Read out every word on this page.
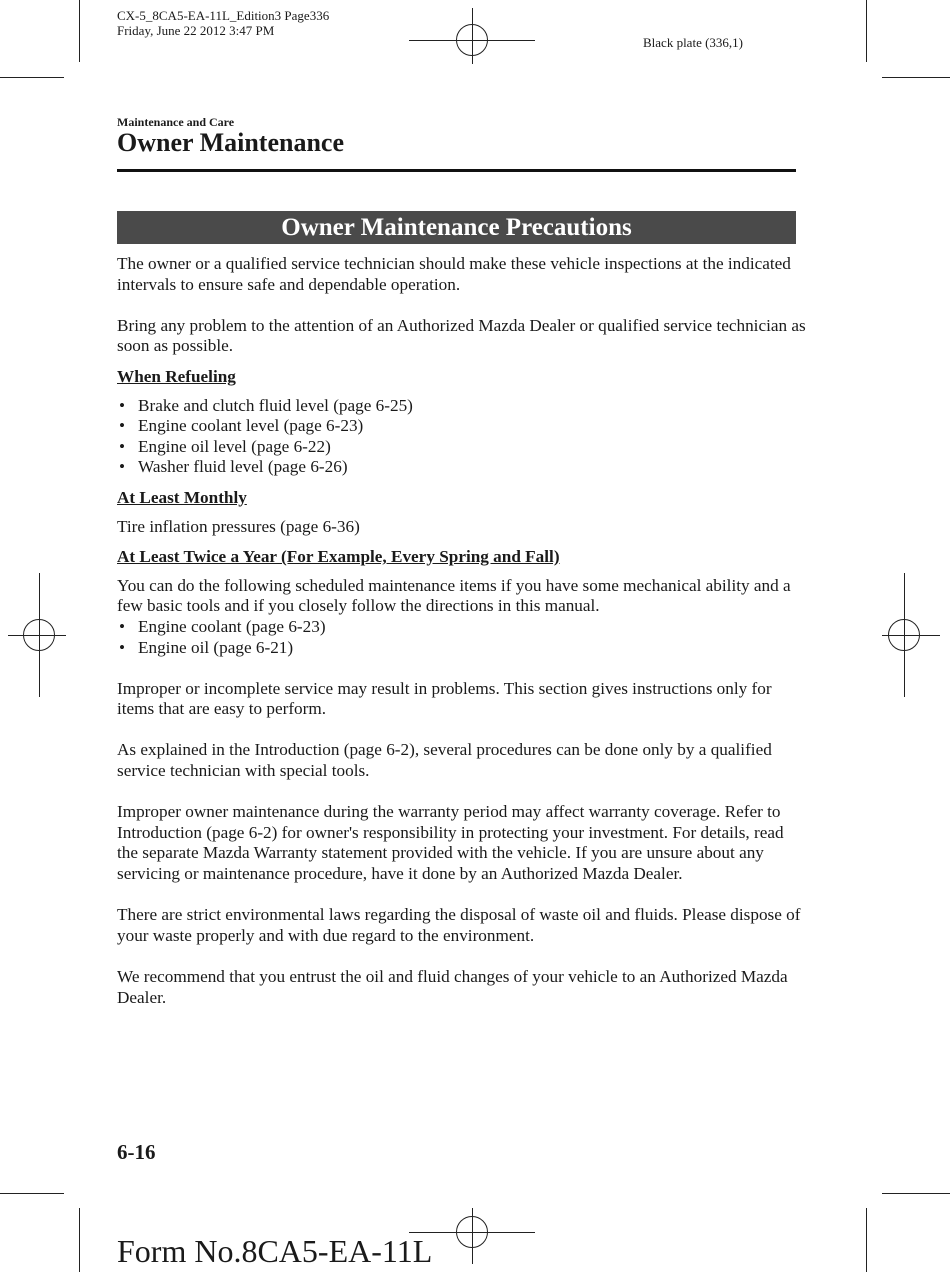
CX-5_8CA5-EA-11L_Edition3 Page336
Friday, June 22 2012 3:47 PM
Black plate (336,1)
Maintenance and Care
Owner Maintenance
Owner Maintenance Precautions

The owner or a qualified service technician should make these vehicle inspections at the indicated intervals to ensure safe and dependable operation.

Bring any problem to the attention of an Authorized Mazda Dealer or qualified service technician as soon as possible.

When Refueling

• Brake and clutch fluid level (page 6-25)
• Engine coolant level (page 6-23)
• Engine oil level (page 6-22)
• Washer fluid level (page 6-26)

At Least Monthly

Tire inflation pressures (page 6-36)

At Least Twice a Year (For Example, Every Spring and Fall)

You can do the following scheduled maintenance items if you have some mechanical ability and a few basic tools and if you closely follow the directions in this manual.

• Engine coolant (page 6-23)
• Engine oil (page 6-21)

Improper or incomplete service may result in problems. This section gives instructions only for items that are easy to perform.

As explained in the Introduction (page 6-2), several procedures can be done only by a qualified service technician with special tools.

Improper owner maintenance during the warranty period may affect warranty coverage. Refer to Introduction (page 6-2) for owner's responsibility in protecting your investment. For details, read the separate Mazda Warranty statement provided with the vehicle. If you are unsure about any servicing or maintenance procedure, have it done by an Authorized Mazda Dealer.

There are strict environmental laws regarding the disposal of waste oil and fluids. Please dispose of your waste properly and with due regard to the environment.

We recommend that you entrust the oil and fluid changes of your vehicle to an Authorized Mazda Dealer.

6-16
Form No.8CA5-EA-11L
